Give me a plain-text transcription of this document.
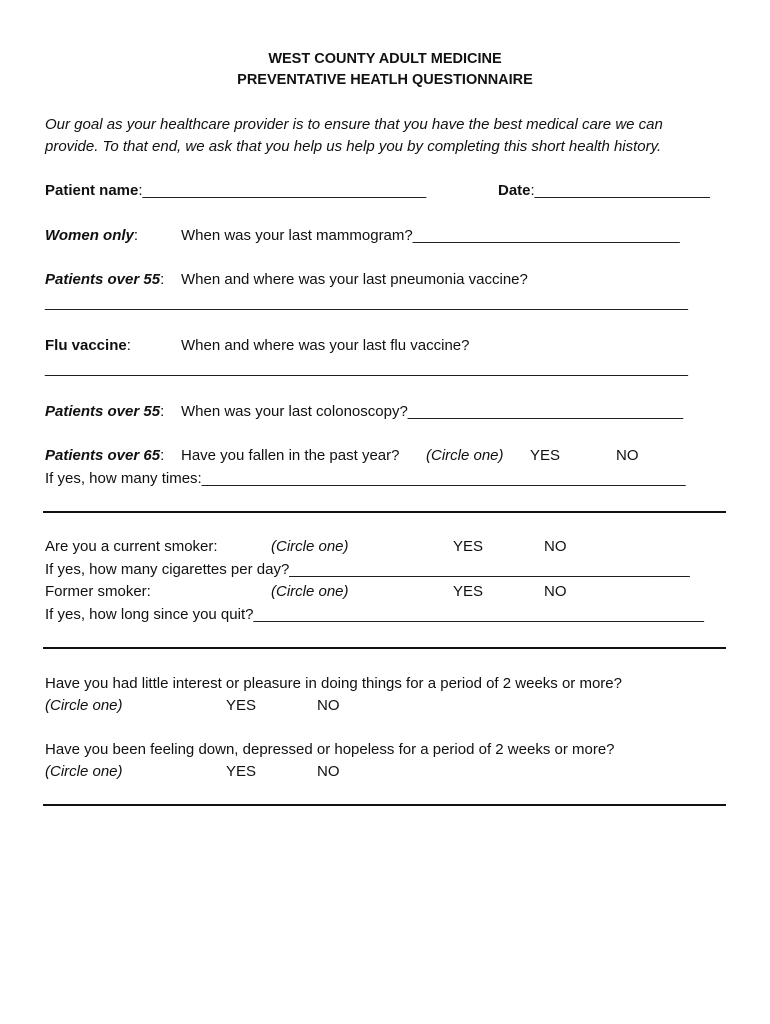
WEST COUNTY ADULT MEDICINE
PREVENTATIVE HEATLH QUESTIONNAIRE
Our goal as your healthcare provider is to ensure that you have the best medical care we can
provide. To that end, we ask that you help us help you by completing this short health history.
Patient name:__________________________________	Date:_____________________
Women only:	When was your last mammogram?________________________________
Patients over 55: When and where was your last pneumonia vaccine?
______________________________________________________________________________
Flu vaccine:	When and where was your last flu vaccine?
______________________________________________________________________________
Patients over 55: When was your last colonoscopy?_________________________________
Patients over 65: Have you fallen in the past year? (Circle one) YES	NO
If yes, how many times:__________________________________________________________
Are you a current smoker:	(Circle one)	YES	NO
If yes, how many cigarettes per day?________________________________________________
Former smoker:	(Circle one)	YES	NO
If yes, how long since you quit?______________________________________________________
Have you had little interest or pleasure in doing things for a period of 2 weeks or more?
(Circle one)	YES	NO
Have you been feeling down, depressed or hopeless for a period of 2 weeks or more?
(Circle one)	YES	NO
